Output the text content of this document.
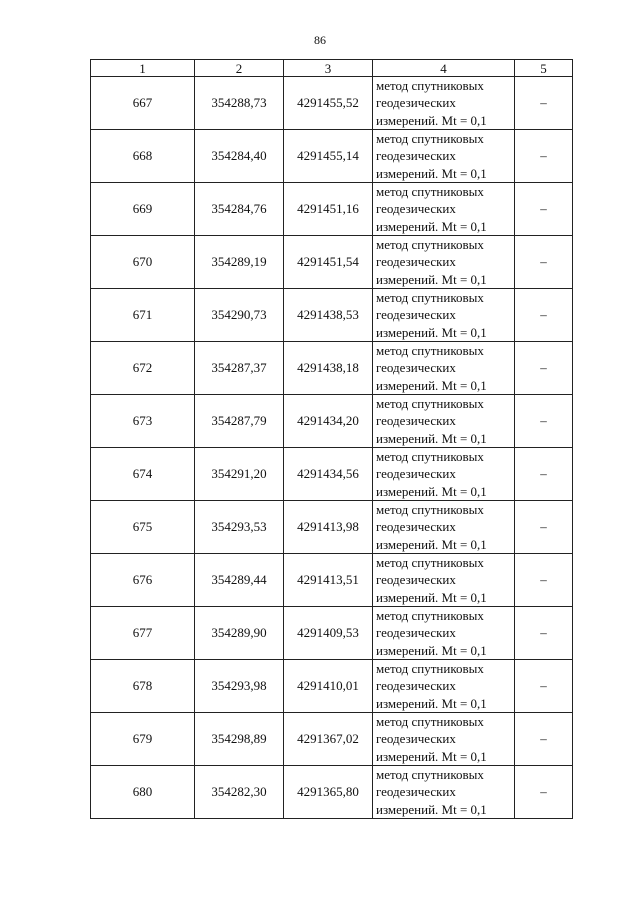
86
1	2	3	4	5
667	354288,73	4291455,52	метод спутниковых
геодезических
измерений. Mt = 0,1	–
668	354284,40	4291455,14	метод спутниковых
геодезических
измерений. Mt = 0,1	–
669	354284,76	4291451,16	метод спутниковых
геодезических
измерений. Mt = 0,1	–
670	354289,19	4291451,54	метод спутниковых
геодезических
измерений. Mt = 0,1	–
671	354290,73	4291438,53	метод спутниковых
геодезических
измерений. Mt = 0,1	–
672	354287,37	4291438,18	метод спутниковых
геодезических
измерений. Mt = 0,1	–
673	354287,79	4291434,20	метод спутниковых
геодезических
измерений. Mt = 0,1	–
674	354291,20	4291434,56	метод спутниковых
геодезических
измерений. Mt = 0,1	–
675	354293,53	4291413,98	метод спутниковых
геодезических
измерений. Mt = 0,1	–
676	354289,44	4291413,51	метод спутниковых
геодезических
измерений. Mt = 0,1	–
677	354289,90	4291409,53	метод спутниковых
геодезических
измерений. Mt = 0,1	–
678	354293,98	4291410,01	метод спутниковых
геодезических
измерений. Mt = 0,1	–
679	354298,89	4291367,02	метод спутниковых
геодезических
измерений. Mt = 0,1	–
680	354282,30	4291365,80	метод спутниковых
геодезических
измерений. Mt = 0,1	–
